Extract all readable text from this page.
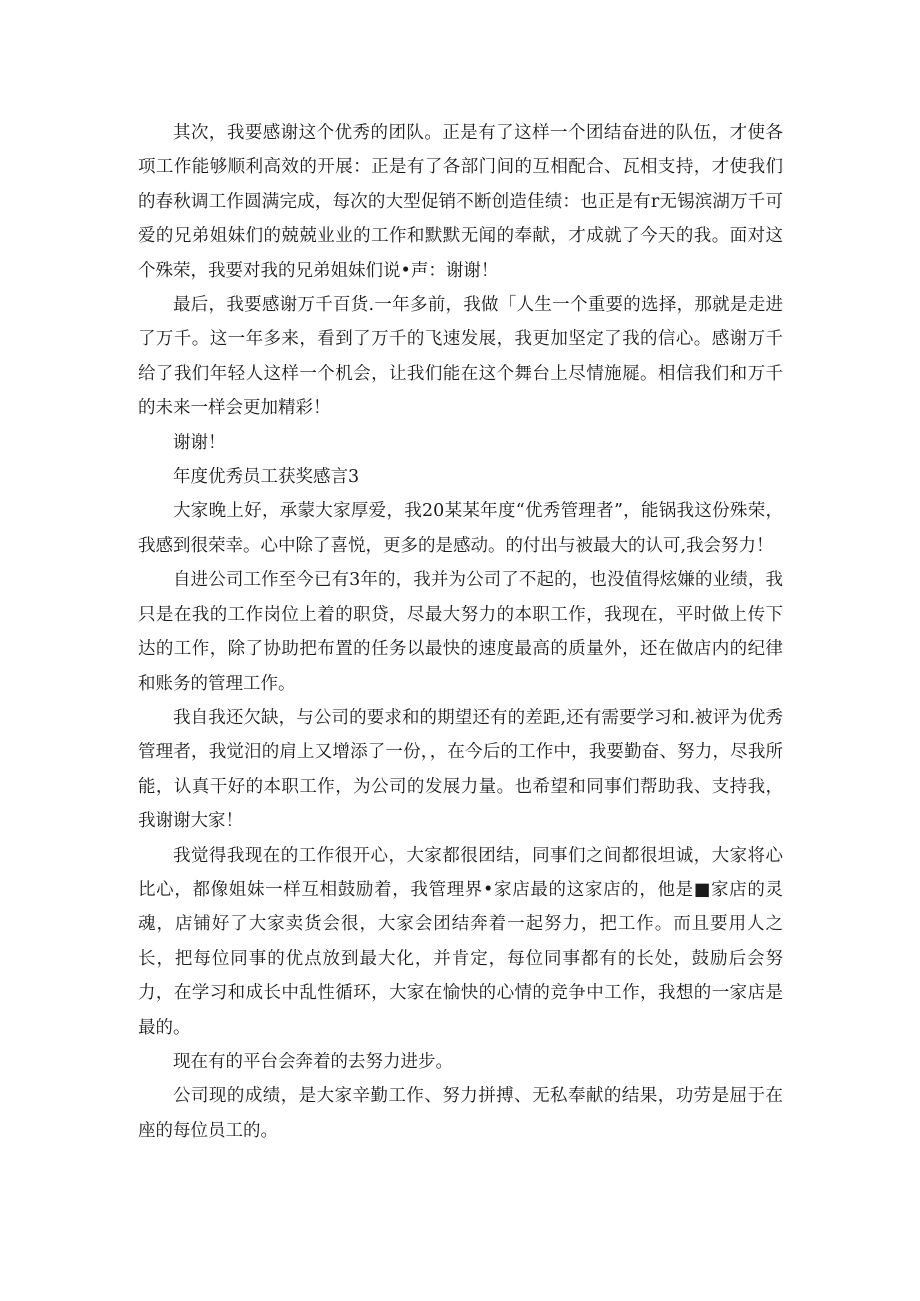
其次，我要感谢这个优秀的团队。正是有了这样一个团结奋进的队伍，才使各项工作能够顺利高效的开展：正是有了各部门间的互相配合、瓦相支持，才使我们的春秋调工作圆满完成，每次的大型促销不断创造佳绩：也正是有r无锡滨湖万千可爱的兄弟姐妹们的兢兢业业的工作和默默无闻的奉献，才成就了今天的我。面对这个殊荣，我要对我的兄弟姐妹们说•声：谢谢！

最后，我要感谢万千百货.一年多前，我做「人生一个重要的选择，那就是走进了万千。这一年多来，看到了万千的飞速发展，我更加坚定了我的信心。感谢万千给了我们年轻人这样一个机会，让我们能在这个舞台上尽情施屣。相信我们和万千的未来一样会更加精彩！

谢谢！

年度优秀员工获奖感言3

大家晚上好，承蒙大家厚爱，我20某某年度“优秀管理者”，能锅我这份殊荣，我感到很荣幸。心中除了喜悦，更多的是感动。的付出与被最大的认可,我会努力！

自进公司工作至今已有3年的，我并为公司了不起的，也没值得炫嫌的业绩，我只是在我的工作岗位上着的职贷，尽最大努力的本职工作，我现在，平时做上传下达的工作，除了协助把布置的任务以最快的速度最高的质量外，还在做店内的纪律和账务的管理工作。

我自我还欠缺，与公司的要求和的期望还有的差距,还有需要学习和.被评为优秀管理者，我觉汨的肩上又增添了一份，，在今后的工作中，我要勤奋、努力，尽我所能，认真干好的本职工作，为公司的发展力量。也希望和同事们帮助我、支持我，我谢谢大家！

我觉得我现在的工作很开心，大家都很团结，同事们之间都很坦诚，大家将心比心，都像姐妹一样互相鼓励着，我管理界•家店最的这家店的，他是■家店的灵魂，店铺好了大家卖货会很，大家会团结奔着一起努力，把工作。而且要用人之长，把每位同事的优点放到最大化，并肯定，每位同事都有的长处，鼓励后会努力，在学习和成长中乱性循环，大家在愉快的心情的竞争中工作，我想的一家店是最的。

现在有的平台会奔着的去努力进步。

公司现的成绩，是大家辛勤工作、努力拼搏、无私奉献的结果，功劳是屈于在座的每位员工的。
